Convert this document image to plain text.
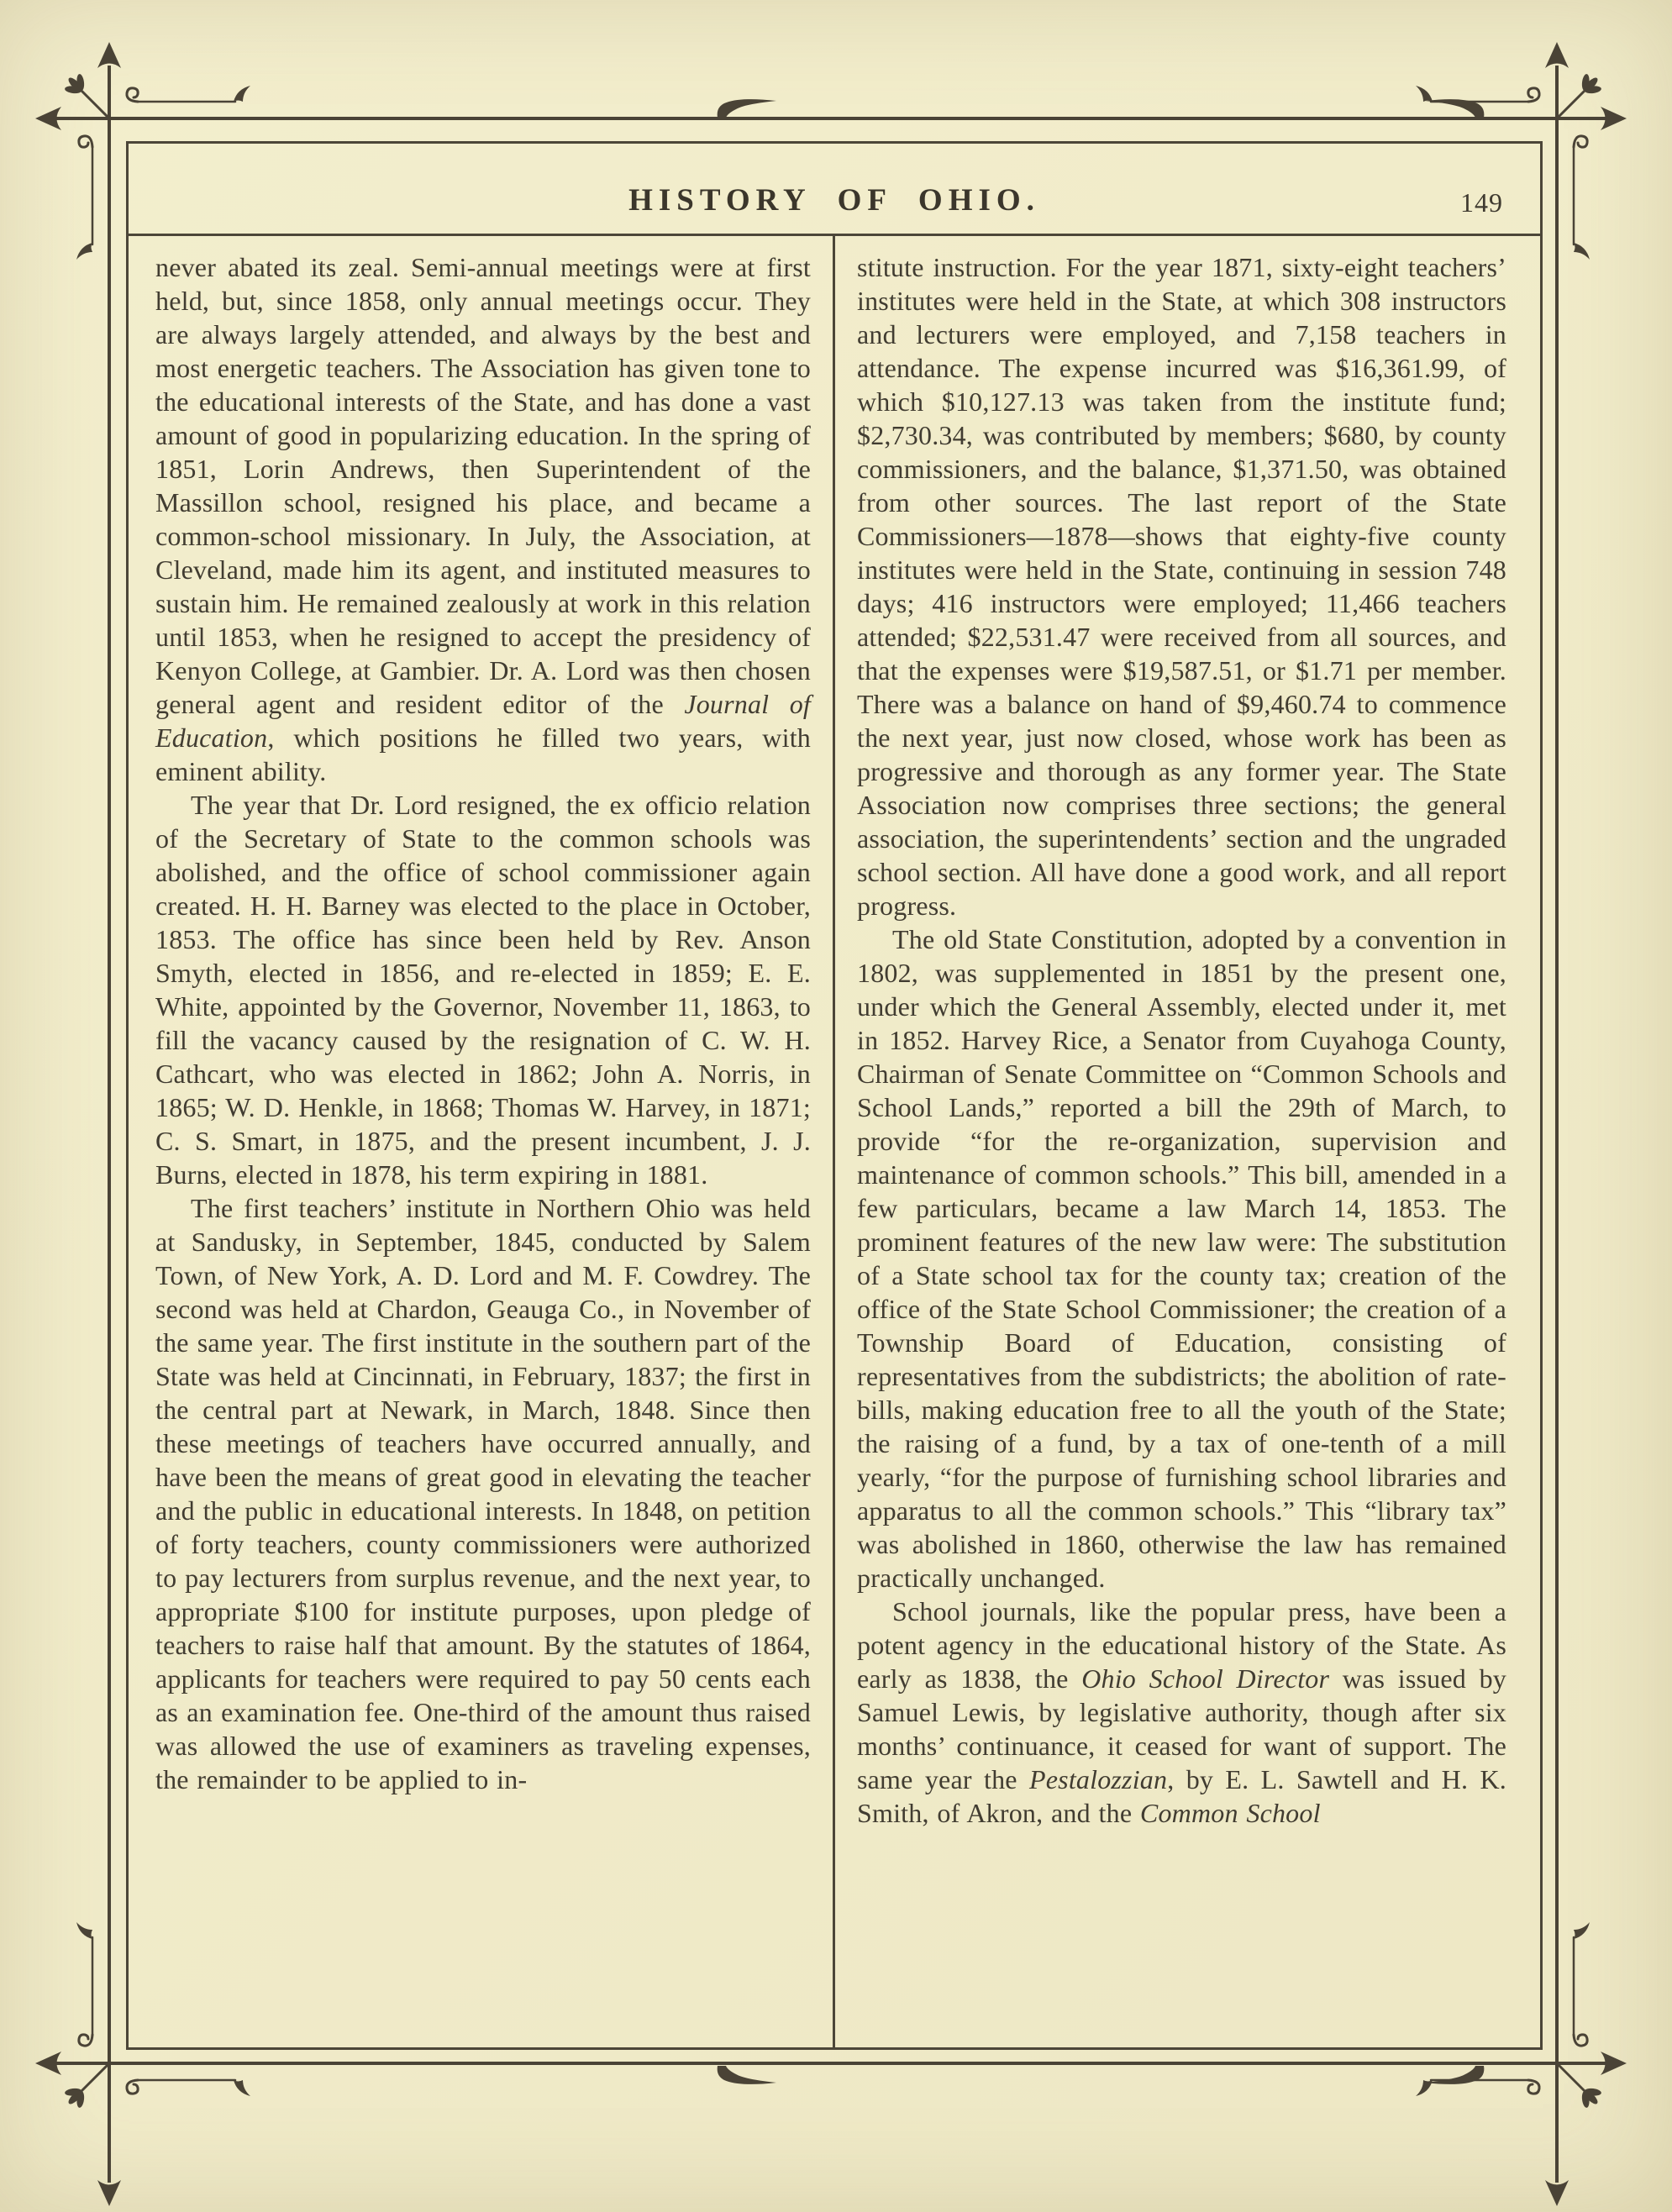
HISTORY OF OHIO.	149

never abated its zeal. Semi-annual meetings were at first held, but, since 1858, only annual meetings occur. They are always largely attended, and always by the best and most energetic teachers. The Association has given tone to the educational interests of the State, and has done a vast amount of good in popularizing education. In the spring of 1851, Lorin Andrews, then Superintendent of the Massillon school, resigned his place, and became a common-school missionary. In July, the Association, at Cleveland, made him its agent, and instituted measures to sustain him. He remained zealously at work in this relation until 1853, when he resigned to accept the presidency of Kenyon College, at Gambier. Dr. A. Lord was then chosen general agent and resident editor of the Journal of Education, which positions he filled two years, with eminent ability.

The year that Dr. Lord resigned, the ex officio relation of the Secretary of State to the common schools was abolished, and the office of school commissioner again created. H. H. Barney was elected to the place in October, 1853. The office has since been held by Rev. Anson Smyth, elected in 1856, and re-elected in 1859; E. E. White, appointed by the Governor, November 11, 1863, to fill the vacancy caused by the resignation of C. W. H. Cathcart, who was elected in 1862; John A. Norris, in 1865; W. D. Henkle, in 1868; Thomas W. Harvey, in 1871; C. S. Smart, in 1875, and the present incumbent, J. J. Burns, elected in 1878, his term expiring in 1881.

The first teachers’ institute in Northern Ohio was held at Sandusky, in September, 1845, conducted by Salem Town, of New York, A. D. Lord and M. F. Cowdrey. The second was held at Chardon, Geauga Co., in November of the same year. The first institute in the southern part of the State was held at Cincinnati, in February, 1837; the first in the central part at Newark, in March, 1848. Since then these meetings of teachers have occurred annually, and have been the means of great good in elevating the teacher and the public in educational interests. In 1848, on petition of forty teachers, county commissioners were authorized to pay lecturers from surplus revenue, and the next year, to appropriate $100 for institute purposes, upon pledge of teachers to raise half that amount. By the statutes of 1864, applicants for teachers were required to pay 50 cents each as an examination fee. One-third of the amount thus raised was allowed the use of examiners as traveling expenses, the remainder to be applied to in-

stitute instruction. For the year 1871, sixty-eight teachers’ institutes were held in the State, at which 308 instructors and lecturers were employed, and 7,158 teachers in attendance. The expense incurred was $16,361.99, of which $10,127.13 was taken from the institute fund; $2,730.34, was contributed by members; $680, by county commissioners, and the balance, $1,371.50, was obtained from other sources. The last report of the State Commissioners—1878—shows that eighty-five county institutes were held in the State, continuing in session 748 days; 416 instructors were employed; 11,466 teachers attended; $22,531.47 were received from all sources, and that the expenses were $19,587.51, or $1.71 per member. There was a balance on hand of $9,460.74 to commence the next year, just now closed, whose work has been as progressive and thorough as any former year. The State Association now comprises three sections; the general association, the superintendents’ section and the ungraded school section. All have done a good work, and all report progress.

The old State Constitution, adopted by a convention in 1802, was supplemented in 1851 by the present one, under which the General Assembly, elected under it, met in 1852. Harvey Rice, a Senator from Cuyahoga County, Chairman of Senate Committee on “Common Schools and School Lands,” reported a bill the 29th of March, to provide “for the re-organization, supervision and maintenance of common schools.” This bill, amended in a few particulars, became a law March 14, 1853. The prominent features of the new law were: The substitution of a State school tax for the county tax; creation of the office of the State School Commissioner; the creation of a Township Board of Education, consisting of representatives from the subdistricts; the abolition of rate-bills, making education free to all the youth of the State; the raising of a fund, by a tax of one-tenth of a mill yearly, “for the purpose of furnishing school libraries and apparatus to all the common schools.” This “library tax” was abolished in 1860, otherwise the law has remained practically unchanged.

School journals, like the popular press, have been a potent agency in the educational history of the State. As early as 1838, the Ohio School Director was issued by Samuel Lewis, by legislative authority, though after six months’ continuance, it ceased for want of support. The same year the Pestalozzian, by E. L. Sawtell and H. K. Smith, of Akron, and the Common School
